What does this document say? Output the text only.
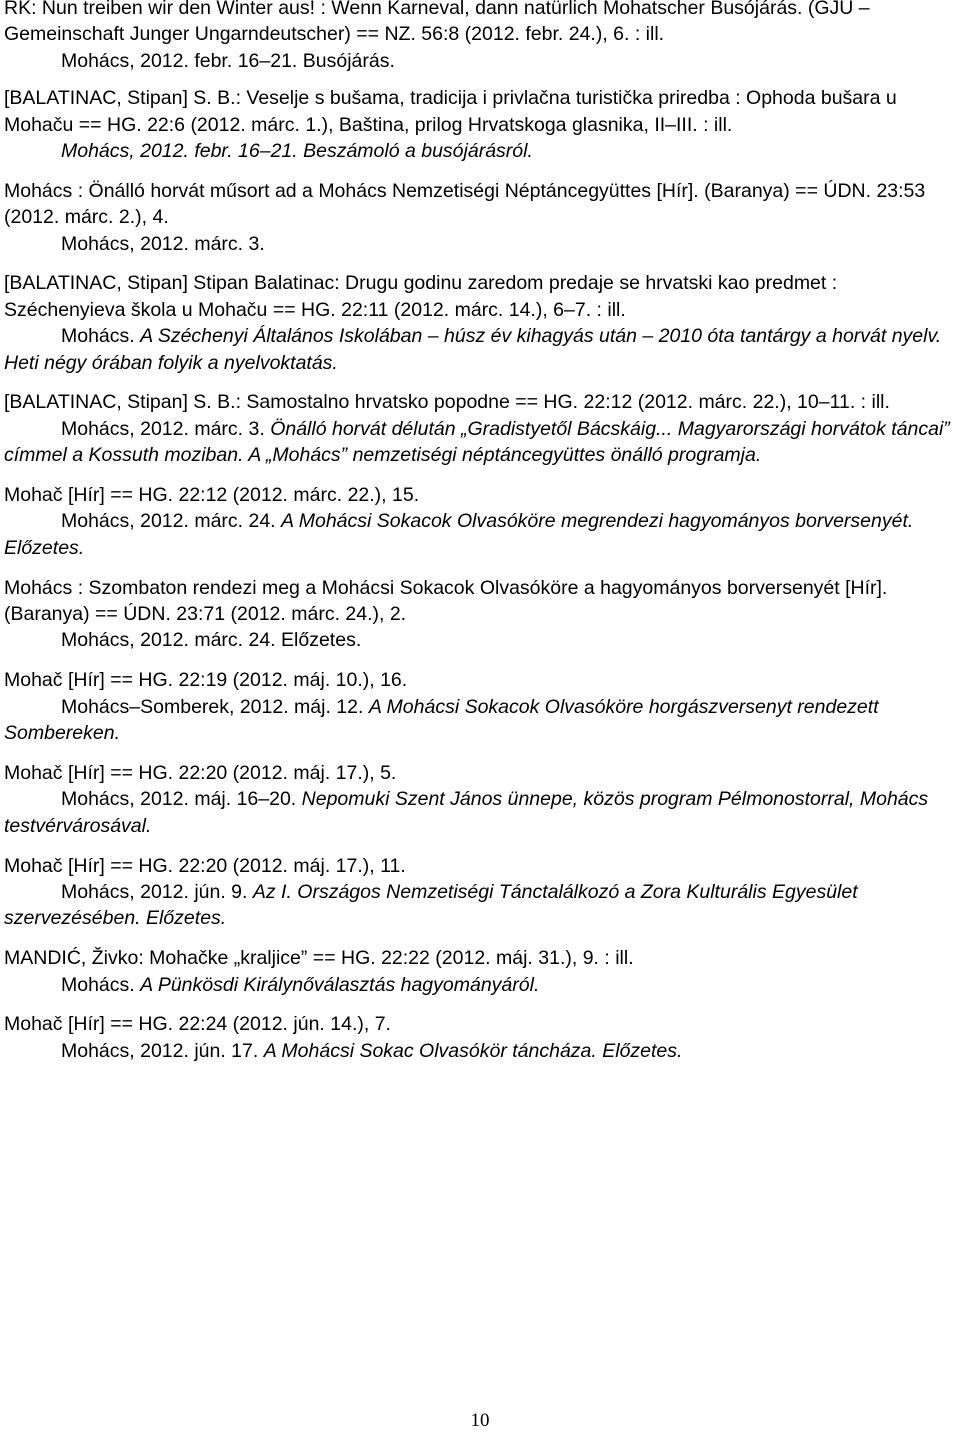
RK: Nun treiben wir den Winter aus! : Wenn Karneval, dann natürlich Mohatscher Busójárás. (GJU – Gemeinschaft Junger Ungarndeutscher) == NZ. 56:8 (2012. febr. 24.), 6. : ill.
Mohács, 2012. febr. 16–21. Busójárás.
[BALATINAC, Stipan] S. B.: Veselje s bušama, tradicija i privlačna turistička priredba : Ophoda bušara u Mohaču == HG. 22:6 (2012. márc. 1.), Baština, prilog Hrvatskoga glasnika, II–III. : ill.
Mohács, 2012. febr. 16–21. Beszámoló a busójárásról.
Mohács : Önálló horvát műsort ad a Mohács Nemzetiségi Néptáncegyüttes [Hír]. (Baranya) == ÚDN. 23:53 (2012. márc. 2.), 4.
Mohács, 2012. márc. 3.
[BALATINAC, Stipan] Stipan Balatinac: Drugu godinu zaredom predaje se hrvatski kao predmet : Széchenyieva škola u Mohaču == HG. 22:11 (2012. márc. 14.), 6–7. : ill.
Mohács. A Széchenyi Általános Iskolában – húsz év kihagyás után – 2010 óta tantárgy a horvát nyelv. Heti négy órában folyik a nyelvoktatás.
[BALATINAC, Stipan] S. B.: Samostalno hrvatsko popodne == HG. 22:12 (2012. márc. 22.), 10–11. : ill.
Mohács, 2012. márc. 3. Önálló horvát délután „Gradistyetől Bácskáig... Magyarországi horvátok táncai” címmel a Kossuth moziban. A „Mohács” nemzetiségi néptáncegyüttes önálló programja.
Mohač [Hír] == HG. 22:12 (2012. márc. 22.), 15.
Mohács, 2012. márc. 24. A Mohácsi Sokacok Olvasóköre megrendezi hagyományos borversenyét. Előzetes.
Mohács : Szombaton rendezi meg a Mohácsi Sokacok Olvasóköre a hagyományos borversenyét [Hír]. (Baranya) == ÚDN. 23:71 (2012. márc. 24.), 2.
Mohács, 2012. márc. 24. Előzetes.
Mohač [Hír] == HG. 22:19 (2012. máj. 10.), 16.
Mohács–Somberek, 2012. máj. 12. A Mohácsi Sokacok Olvasóköre horgászversenyt rendezett Sombereken.
Mohač [Hír] == HG. 22:20 (2012. máj. 17.), 5.
Mohács, 2012. máj. 16–20. Nepomuki Szent János ünnepe, közös program Pélmonostorral, Mohács testvérvárosával.
Mohač [Hír] == HG. 22:20 (2012. máj. 17.), 11.
Mohács, 2012. jún. 9. Az I. Országos Nemzetiségi Tánctalálkozó a Zora Kulturális Egyesület szervezésében. Előzetes.
MANDIĆ, Živko: Mohačke „kraljice” == HG. 22:22 (2012. máj. 31.), 9. : ill.
Mohács. A Pünkösdi Királynőválasztás hagyományáról.
Mohač [Hír] == HG. 22:24 (2012. jún. 14.), 7.
Mohács, 2012. jún. 17. A Mohácsi Sokac Olvasókör táncháza. Előzetes.
10
